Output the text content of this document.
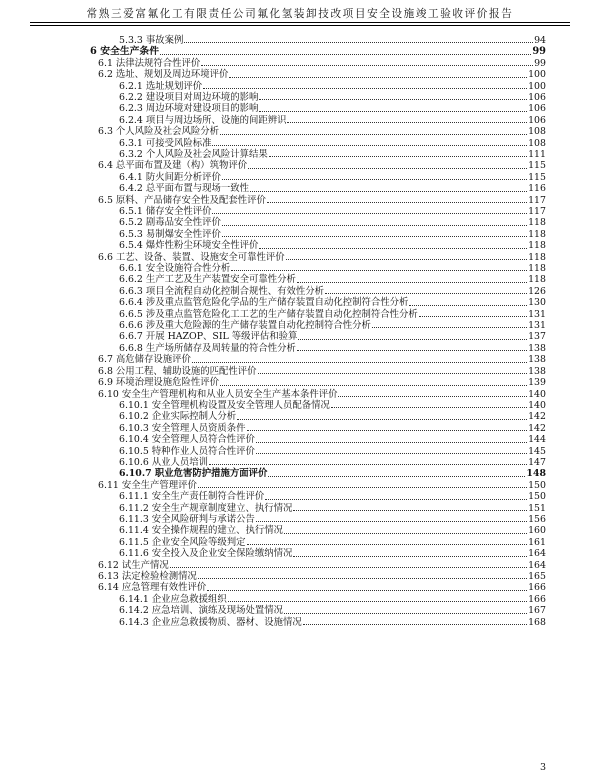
常熟三爱富氟化工有限责任公司氟化氢装卸技改项目安全设施竣工验收评价报告
5.3.3 事故案例	94
6 安全生产条件	99
6.1 法律法规符合性评价	99
6.2 选址、规划及周边环境评价	100
6.2.1 选址规划评价	100
6.2.2 建设项目对周边环境的影响	106
6.2.3 周边环境对建设项目的影响	106
6.2.4 项目与周边场所、设施的间距辨识	106
6.3 个人风险及社会风险分析	108
6.3.1 可接受风险标准	108
6.3.2 个人风险及社会风险计算结果	111
6.4 总平面布置及建（构）筑物评价	115
6.4.1 防火间距分析评价	115
6.4.2 总平面布置与现场一致性	116
6.5 原料、产品储存安全性及配套性评价	117
6.5.1 储存安全性评价	117
6.5.2 剧毒品安全性评价	118
6.5.3 易制爆安全性评价	118
6.5.4 爆炸性粉尘环境安全性评价	118
6.6 工艺、设备、装置、设施安全可靠性评价	118
6.6.1 安全设施符合性分析	118
6.6.2 生产工艺及生产装置安全可靠性分析	118
6.6.3 项目全流程自动化控制合规性、有效性分析	126
6.6.4 涉及重点监管危险化学品的生产储存装置自动化控制符合性分析	130
6.6.5 涉及重点监管危险化工工艺的生产储存装置自动化控制符合性分析	131
6.6.6 涉及重大危险源的生产储存装置自动化控制符合性分析	131
6.6.7 开展 HAZOP、SIL 等级评估和验算	137
6.6.8 生产场所储存及周转量的符合性分析	138
6.7 高危储存设施评价	138
6.8 公用工程、辅助设施的匹配性评价	138
6.9 环境治理设施危险性评价	139
6.10 安全生产管理机构和从业人员安全生产基本条件评价	140
6.10.1 安全管理机构设置及安全管理人员配备情况	140
6.10.2 企业实际控制人分析	142
6.10.3 安全管理人员资质条件	142
6.10.4 安全管理人员符合性评价	144
6.10.5 特种作业人员符合性评价	145
6.10.6 从业人员培训	147
6.10.7 职业危害防护措施方面评价	148
6.11 安全生产管理评价	150
6.11.1 安全生产责任制符合性评价	150
6.11.2 安全生产规章制度建立、执行情况	151
6.11.3 安全风险研判与承诺公告	156
6.11.4 安全操作规程的建立、执行情况	160
6.11.5 企业安全风险等级判定	161
6.11.6 安全投入及企业安全保险缴纳情况	164
6.12 试生产情况	164
6.13 法定检验检测情况	165
6.14 应急管理有效性评价	166
6.14.1 企业应急救援组织	166
6.14.2 应急培训、演练及现场处置情况	167
6.14.3 企业应急救援物质、器材、设施情况	168
3
